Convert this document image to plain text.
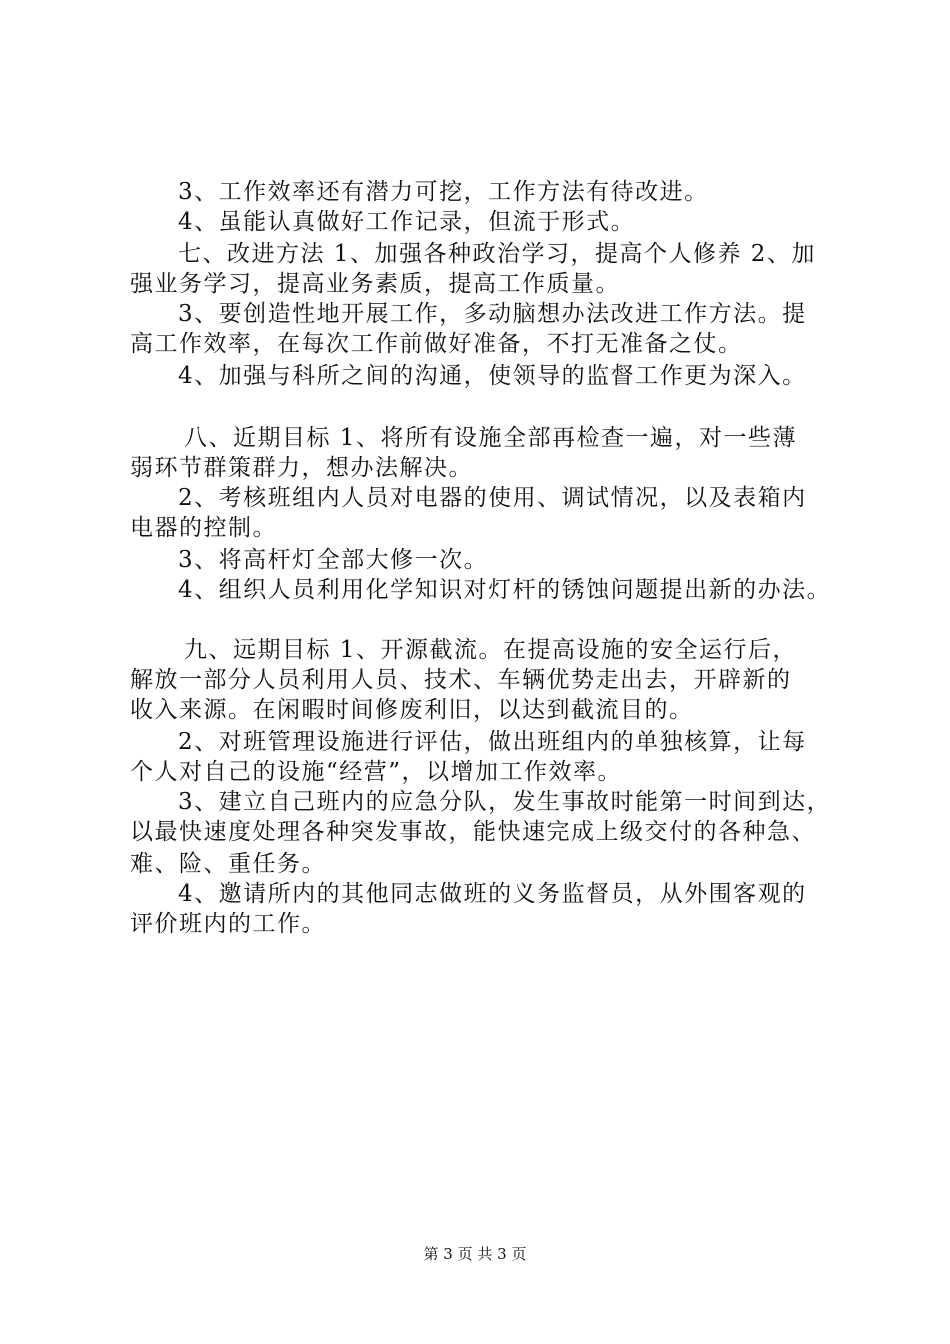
3、工作效率还有潜力可挖，工作方法有待改进。
4、虽能认真做好工作记录，但流于形式。
七、改进方法 1、加强各种政治学习，提高个人修养 2、加
强业务学习，提高业务素质，提高工作质量。
3、要创造性地开展工作，多动脑想办法改进工作方法。提
高工作效率，在每次工作前做好准备，不打无准备之仗。
4、加强与科所之间的沟通，使领导的监督工作更为深入。
八、近期目标 1、将所有设施全部再检查一遍，对一些薄
弱环节群策群力，想办法解决。
2、考核班组内人员对电器的使用、调试情况，以及表箱内
电器的控制。
3、将高杆灯全部大修一次。
4、组织人员利用化学知识对灯杆的锈蚀问题提出新的办法。
九、远期目标 1、开源截流。在提高设施的安全运行后，
解放一部分人员利用人员、技术、车辆优势走出去，开辟新的
收入来源。在闲暇时间修废利旧，以达到截流目的。
2、对班管理设施进行评估，做出班组内的单独核算，让每
个人对自己的设施“经营”，以增加工作效率。
3、建立自己班内的应急分队，发生事故时能第一时间到达，
以最快速度处理各种突发事故，能快速完成上级交付的各种急、
难、险、重任务。
4、邀请所内的其他同志做班的义务监督员，从外围客观的
评价班内的工作。
第 3 页 共 3 页
